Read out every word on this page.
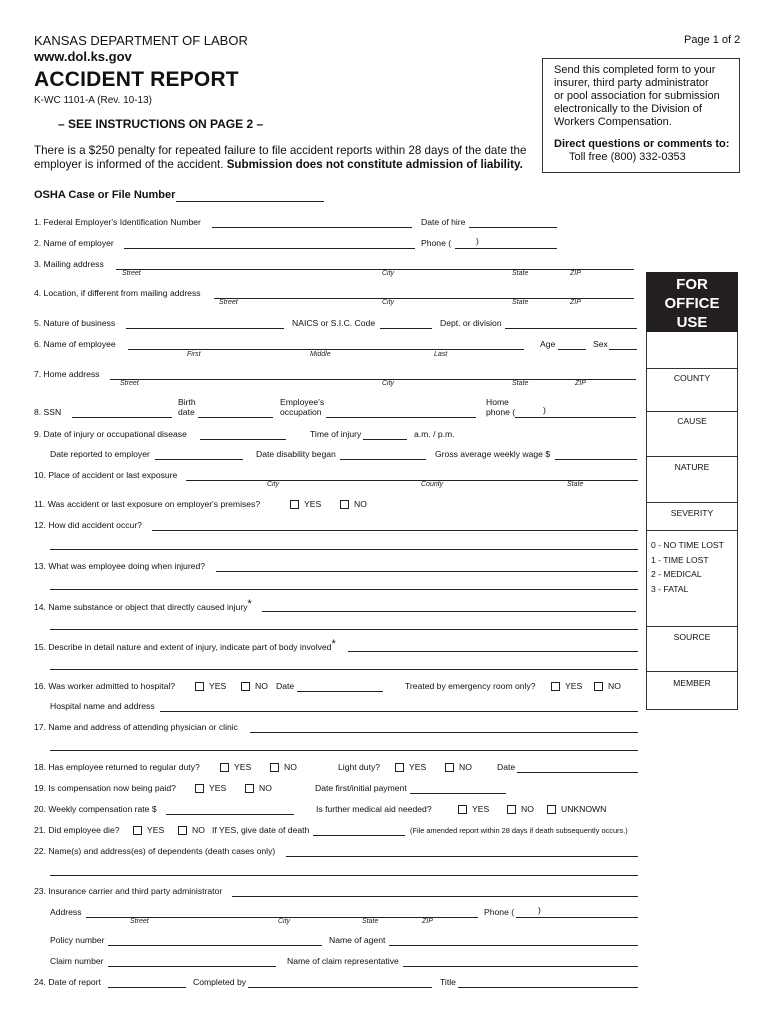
KANSAS DEPARTMENT OF LABOR
www.dol.ks.gov
Page 1 of 2
ACCIDENT REPORT
K-WC 1101-A (Rev. 10-13)
– SEE INSTRUCTIONS ON PAGE 2 –
There is a $250 penalty for repeated failure to file accident reports within 28 days of the date the
employer is informed of the accident. Submission does not constitute admission of liability.
Send this completed form to your
insurer, third party administrator
or pool association for submission
electronically to the Division of
Workers Compensation.
Direct questions or comments to:
Toll free (800) 332-0353
OSHA Case or File Number
1. Federal Employer's Identification Number	Date of hire
2. Name of employer	Phone (	)
3. Mailing address
Street	City	State	ZIP
4. Location, if different from mailing address
Street	City	State	ZIP
5. Nature of business	NAICS or S.I.C. Code	Dept. or division
6. Name of employee
First	Middle	Last
Age	Sex
7. Home address
Street	City	State	ZIP
8. SSN
Birth
date
Employee's
occupation
Home
phone (	)
9. Date of injury or occupational disease	Time of injury	a.m. / p.m.
Date reported to employer	Date disability began	Gross average weekly wage $
10. Place of accident or last exposure
City	County	State
11. Was accident or last exposure on employer's premises?	YES	NO
12. How did accident occur?
13. What was employee doing when injured?
14. Name substance or object that directly caused injury*
15. Describe in detail nature and extent of injury, indicate part of body involved*
16. Was worker admitted to hospital?	YES	NO Date	Treated by emergency room only?	YES	NO
Hospital name and address
17. Name and address of attending physician or clinic
18. Has employee returned to regular duty?	YES	NO	Light duty?	YES	NO	Date
19. Is compensation now being paid?	YES	NO	Date first/initial payment
20. Weekly compensation rate $	Is further medical aid needed?	YES	NO	UNKNOWN
21. Did employee die?	YES	NO If YES, give date of death	(File amended report within 28 days if death subsequently occurs.)
22. Name(s) and address(es) of dependents (death cases only)
23. Insurance carrier and third party administrator
Address
Street	City	State	ZIP
Phone (	)
Policy number	Name of agent
Claim number	Name of claim representative
24. Date of report	Completed by	Title
FOR
OFFICE
USE
COUNTY
CAUSE
NATURE
SEVERITY
0 - NO TIME LOST
1 - TIME LOST
2 - MEDICAL
3 - FATAL
SOURCE
MEMBER
